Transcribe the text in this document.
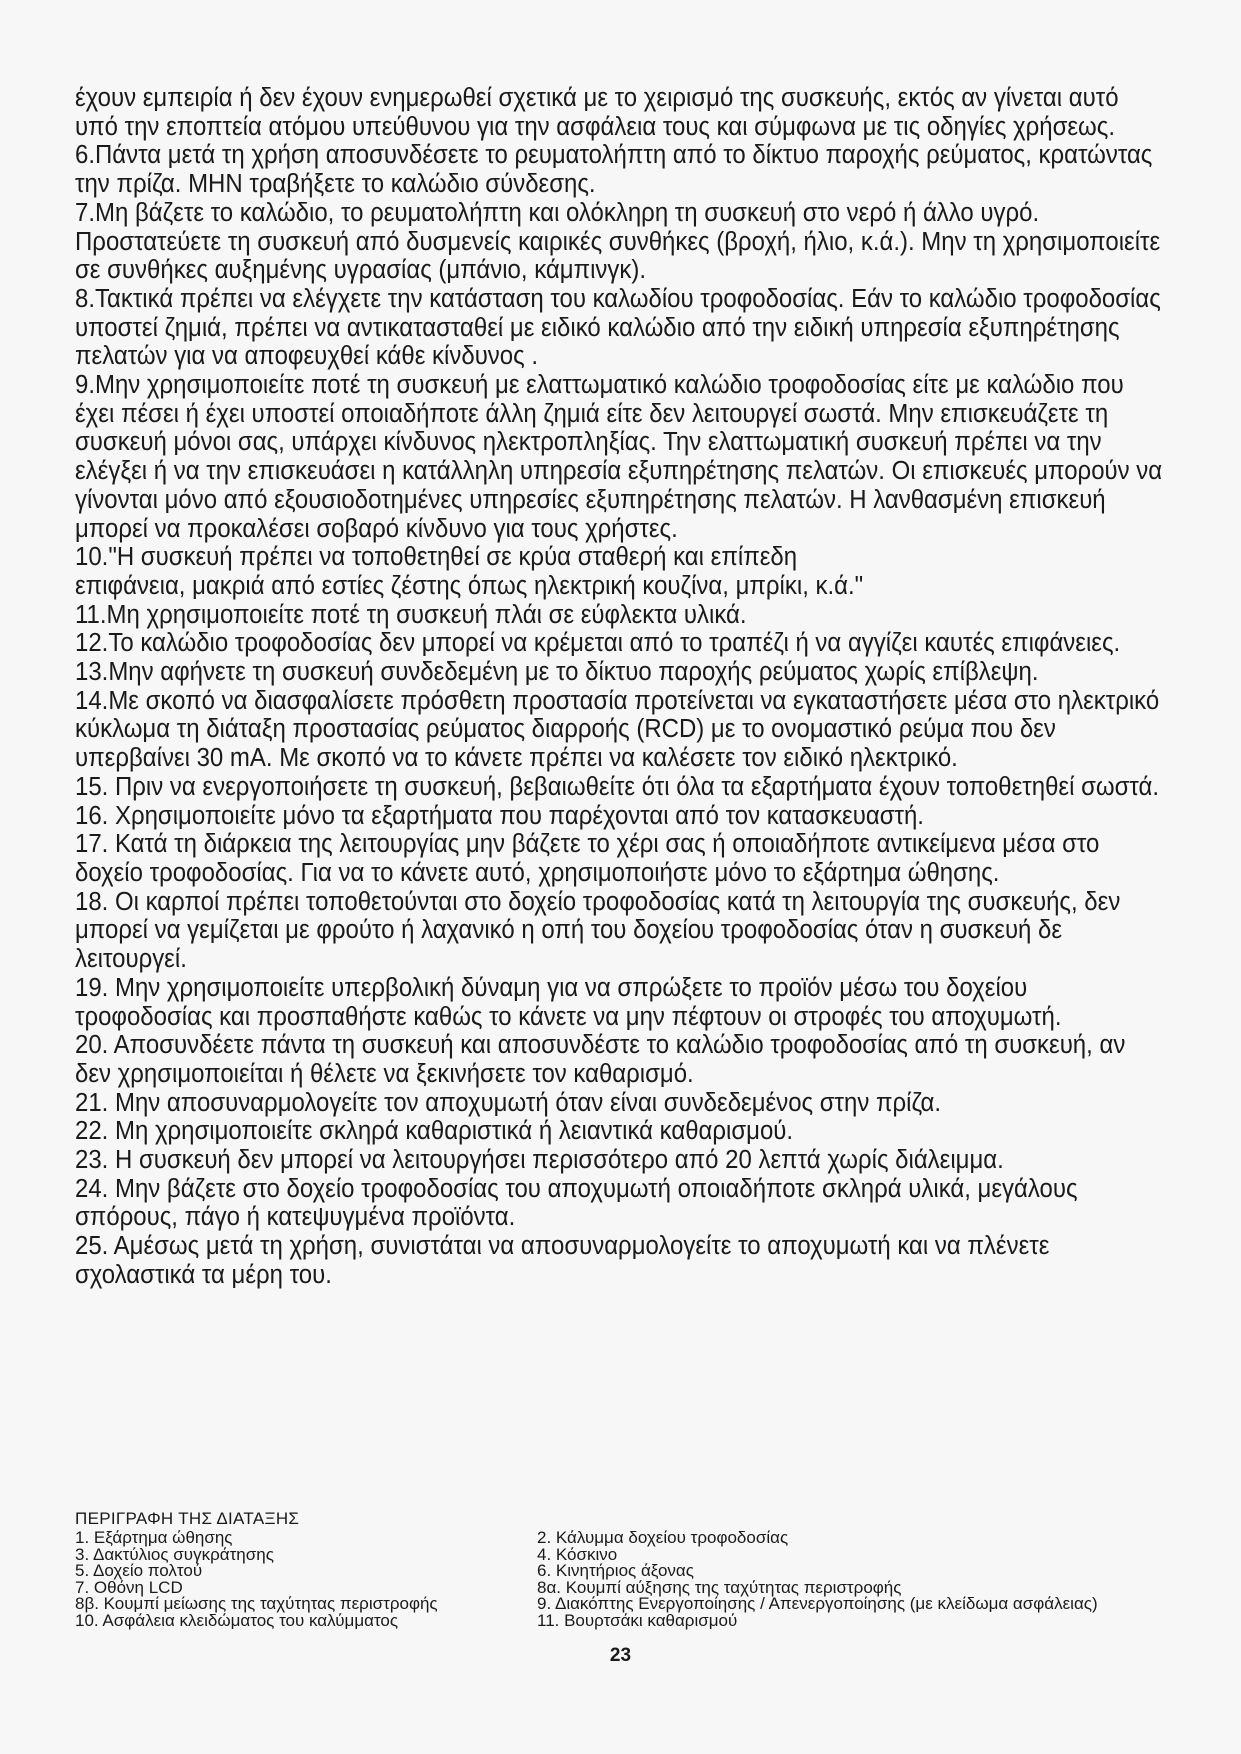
έχουν εμπειρία ή δεν έχουν ενημερωθεί σχετικά με το χειρισμό της συσκευής, εκτός αν γίνεται αυτό υπό την εποπτεία ατόμου υπεύθυνου για την ασφάλεια τους και σύμφωνα με τις οδηγίες χρήσεως.

6.Πάντα μετά τη χρήση αποσυνδέσετε το ρευματολήπτη από το δίκτυο παροχής ρεύματος, κρατώντας την πρίζα. ΜΗΝ τραβήξετε το καλώδιο σύνδεσης.

7.Μη βάζετε το καλώδιο, το ρευματολήπτη και ολόκληρη τη συσκευή στο νερό ή άλλο υγρό. Προστατεύετε τη συσκευή από δυσμενείς καιρικές συνθήκες (βροχή, ήλιο, κ.ά.). Μην τη χρησιμοποιείτε σε συνθήκες αυξημένης υγρασίας (μπάνιο, κάμπινγκ).

8.Τακτικά πρέπει να ελέγχετε την κατάσταση του καλωδίου τροφοδοσίας. Εάν το καλώδιο τροφοδοσίας υποστεί ζημιά, πρέπει να αντικατασταθεί με ειδικό καλώδιο από την ειδική υπηρεσία εξυπηρέτησης πελατών για να αποφευχθεί κάθε κίνδυνος .

9.Μην χρησιμοποιείτε ποτέ τη συσκευή με ελαττωματικό καλώδιο τροφοδοσίας είτε με καλώδιο που έχει πέσει ή έχει υποστεί οποιαδήποτε άλλη ζημιά είτε δεν λειτουργεί σωστά. Μην επισκευάζετε τη συσκευή μόνοι σας, υπάρχει κίνδυνος ηλεκτροπληξίας. Την ελαττωματική συσκευή πρέπει να την ελέγξει ή να την επισκευάσει η κατάλληλη υπηρεσία εξυπηρέτησης πελατών. Οι επισκευές μπορούν να γίνονται μόνο από εξουσιοδοτημένες υπηρεσίες εξυπηρέτησης πελατών. Η λανθασμένη επισκευή μπορεί να προκαλέσει σοβαρό κίνδυνο για τους χρήστες.

10."Η συσκευή πρέπει να τοποθετηθεί σε κρύα σταθερή και επίπεδη

επιφάνεια, μακριά από εστίες ζέστης όπως ηλεκτρική κουζίνα, μπρίκι, κ.ά."

11.Μη χρησιμοποιείτε ποτέ τη συσκευή πλάι σε εύφλεκτα υλικά.

12.Το καλώδιο τροφοδοσίας δεν μπορεί να κρέμεται από το τραπέζι ή να αγγίζει καυτές επιφάνειες.

13.Μην αφήνετε τη συσκευή συνδεδεμένη με το δίκτυο παροχής ρεύματος χωρίς επίβλεψη.

14.Με σκοπό να διασφαλίσετε πρόσθετη προστασία προτείνεται να εγκαταστήσετε μέσα στο ηλεκτρικό κύκλωμα τη διάταξη προστασίας ρεύματος διαρροής (RCD) με το ονομαστικό ρεύμα που δεν υπερβαίνει 30 mA. Με σκοπό να το κάνετε πρέπει να καλέσετε τον ειδικό ηλεκτρικό.

15. Πριν να ενεργοποιήσετε τη συσκευή, βεβαιωθείτε ότι όλα τα εξαρτήματα έχουν τοποθετηθεί σωστά.

16. Χρησιμοποιείτε μόνο τα εξαρτήματα που παρέχονται από τον κατασκευαστή.

17. Κατά τη διάρκεια της λειτουργίας μην βάζετε το χέρι σας ή οποιαδήποτε αντικείμενα μέσα στο δοχείο τροφοδοσίας. Για να το κάνετε αυτό, χρησιμοποιήστε μόνο το εξάρτημα ώθησης.

18. Οι καρποί πρέπει τοποθετούνται στο δοχείο τροφοδοσίας κατά τη λειτουργία της συσκευής, δεν μπορεί να γεμίζεται με φρούτο ή λαχανικό η οπή του δοχείου τροφοδοσίας όταν η συσκευή δε λειτουργεί.

19. Μην χρησιμοποιείτε υπερβολική δύναμη για να σπρώξετε το προϊόν μέσω του δοχείου τροφοδοσίας και προσπαθήστε καθώς το κάνετε να μην πέφτουν οι στροφές του αποχυμωτή.

20. Αποσυνδέετε πάντα τη συσκευή και αποσυνδέστε το καλώδιο τροφοδοσίας από τη συσκευή, αν δεν χρησιμοποιείται ή θέλετε να ξεκινήσετε τον καθαρισμό.

21. Μην αποσυναρμολογείτε τον αποχυμωτή όταν είναι συνδεδεμένος στην πρίζα.

22. Μη χρησιμοποιείτε σκληρά καθαριστικά ή λειαντικά καθαρισμού.

23. Η συσκευή δεν μπορεί να λειτουργήσει περισσότερο από 20 λεπτά χωρίς διάλειμμα.

24. Μην βάζετε στο δοχείο τροφοδοσίας του αποχυμωτή οποιαδήποτε σκληρά υλικά, μεγάλους σπόρους, πάγο ή κατεψυγμένα προϊόντα.

25. Αμέσως μετά τη χρήση, συνιστάται να αποσυναρμολογείτε το αποχυμωτή και να πλένετε σχολαστικά τα μέρη του.

ΠΕΡΙΓΡΑΦΗ ΤΗΣ ΔΙΑΤΑΞΗΣ
1. Εξάρτημα ώθησης	2. Κάλυμμα δοχείου τροφοδοσίας
3. Δακτύλιος συγκράτησης	4. Κόσκινο
5. Δοχείο πολτού	6. Κινητήριος άξονας
7. Οθόνη LCD	8α. Κουμπί αύξησης της ταχύτητας περιστροφής
8β. Κουμπί μείωσης της ταχύτητας περιστροφής	9. Διακόπτης Ενεργοποίησης / Απενεργοποίησης (με κλείδωμα ασφάλειας)
10. Ασφάλεια κλειδώματος του καλύμματος	11. Βουρτσάκι καθαρισμού
23
